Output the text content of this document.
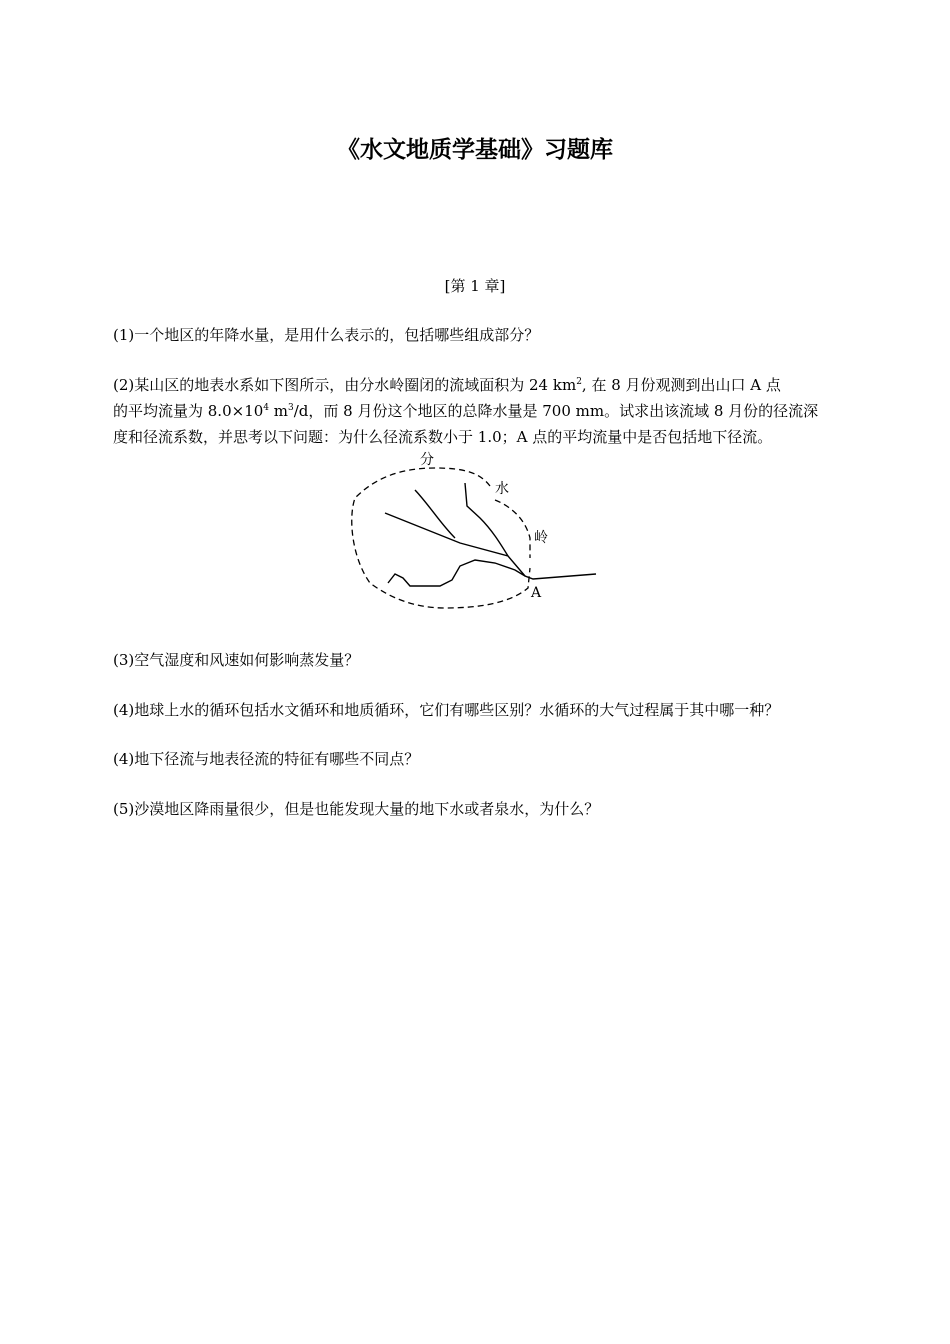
《水文地质学基础》习题库
[第 1 章]
(1)一个地区的年降水量，是用什么表示的，包括哪些组成部分？
(2)某山区的地表水系如下图所示，由分水岭圈闭的流域面积为 24 $km^2$, 在 8 月份观测到出山口 A 点
的平均流量为 $8.0\times 10^4$ $m^3/d$，而 8 月份这个地区的总降水量是 700 mm。试求出该流域 8 月份的径流深
度和径流系数，并思考以下问题：为什么径流系数小于 1.0；A 点的平均流量中是否包括地下径流。
分
水
岭
A
(3)空气湿度和风速如何影响蒸发量？
(4)地球上水的循环包括水文循环和地质循环，它们有哪些区别？水循环的大气过程属于其中哪一种？
(4)地下径流与地表径流的特征有哪些不同点？
(5)沙漠地区降雨量很少，但是也能发现大量的地下水或者泉水，为什么？
